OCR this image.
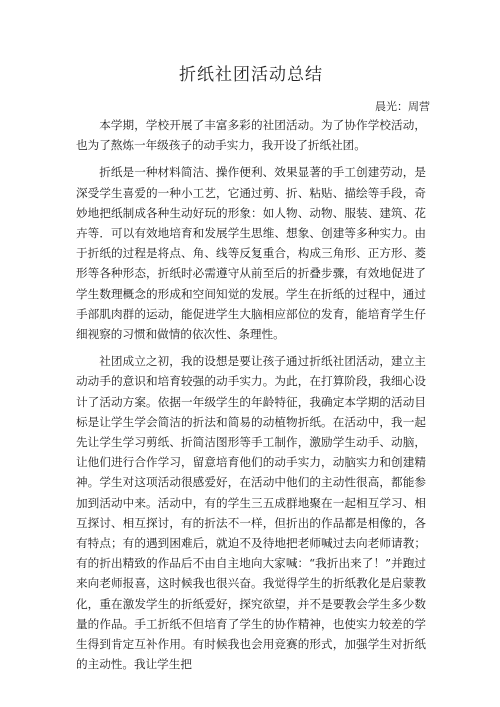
折纸社团活动总结
晨光：周营

本学期，学校开展了丰富多彩的社团活动。为了协作学校活动，也为了熬炼一年级孩子的动手实力，我开设了折纸社团。

折纸是一种材料简洁、操作便利、效果显著的手工创建劳动，是深受学生喜爱的一种小工艺，它通过剪、折、粘贴、描绘等手段，奇妙地把纸制成各种生动好玩的形象：如人物、动物、服装、建筑、花卉等．可以有效地培育和发展学生思维、想象、创建等多种实力。由于折纸的过程是将点、角、线等反复重合，构成三角形、正方形、菱形等各种形态，折纸时必需遵守从前至后的折叠步骤，有效地促进了学生数理概念的形成和空间知觉的发展。学生在折纸的过程中，通过手部肌肉群的运动，能促进学生大脑相应部位的发育，能培育学生仔细视察的习惯和做情的依次性、条理性。

社团成立之初，我的设想是要让孩子通过折纸社团活动，建立主动动手的意识和培育较强的动手实力。为此，在打算阶段，我细心设计了活动方案。依据一年级学生的年龄特征，我确定本学期的活动目标是让学生学会简洁的折法和简易的动植物折纸。在活动中，我一起先让学生学习剪纸、折简洁图形等手工制作，激励学生动手、动脑，让他们进行合作学习，留意培育他们的动手实力，动脑实力和创建精神。学生对这项活动很感爱好，在活动中他们的主动性很高，都能参加到活动中来。活动中，有的学生三五成群地聚在一起相互学习、相互探讨、相互探讨，有的折法不一样，但折出的作品都是相像的，各有特点；有的遇到困难后，就迫不及待地把老师喊过去向老师请教；有的折出精致的作品后不由自主地向大家喊：“我折出来了！”并跑过来向老师报喜，这时候我也很兴奋。我觉得学生的折纸教化是启蒙教化，重在激发学生的折纸爱好，探究欲望，并不是要教会学生多少数量的作品。手工折纸不但培育了学生的协作精神，也使实力较差的学生得到肯定互补作用。有时候我也会用竞赛的形式，加强学生对折纸的主动性。我让学生把
